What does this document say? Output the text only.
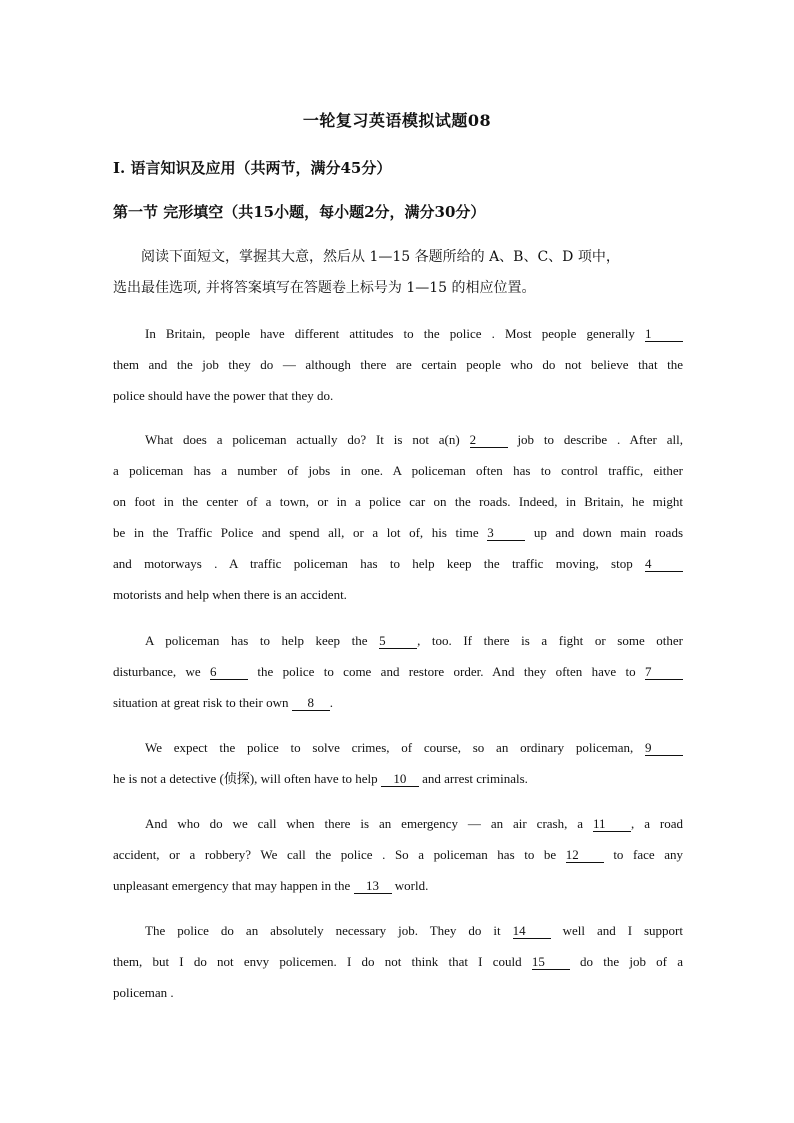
一轮复习英语模拟试题08
Ⅰ. 语言知识及应用（共两节，满分45分）
第一节 完形填空（共15小题，每小题2分，满分30分）
阅读下面短文，掌握其大意，然后从 1—15 各题所给的 A、B、C、D 项中，
选出最佳选项, 并将答案填写在答题卷上标号为 1—15 的相应位置。
In Britain, people have different attitudes to the police . Most people generally 1
them and the job they do — although there are certain people who do not believe that the
police should have the power that they do.
What does a policeman actually do? It is not a(n) 2 job to describe . After all,
a policeman has a number of jobs in one. A policeman often has to control traffic, either
on foot in the center of a town, or in a police car on the roads. Indeed, in Britain, he might
be in the Traffic Police and spend all, or a lot of, his time 3 up and down main roads
and motorways . A traffic policeman has to help keep the traffic moving, stop 4
motorists and help when there is an accident.
A policeman has to help keep the 5 , too. If there is a fight or some other
disturbance, we 6 the police to come and restore order. And they often have to 7
situation at great risk to their own 8 .
We expect the police to solve crimes, of course, so an ordinary policeman, 9
he is not a detective (侦探), will often have to help 10 and arrest criminals.
And who do we call when there is an emergency — an air crash, a 11 , a road
accident, or a robbery? We call the police . So a policeman has to be 12 to face any
unpleasant emergency that may happen in the 13 world.
The police do an absolutely necessary job. They do it 14 well and I support
them, but I do not envy policemen. I do not think that I could 15 do the job of a
policeman .
